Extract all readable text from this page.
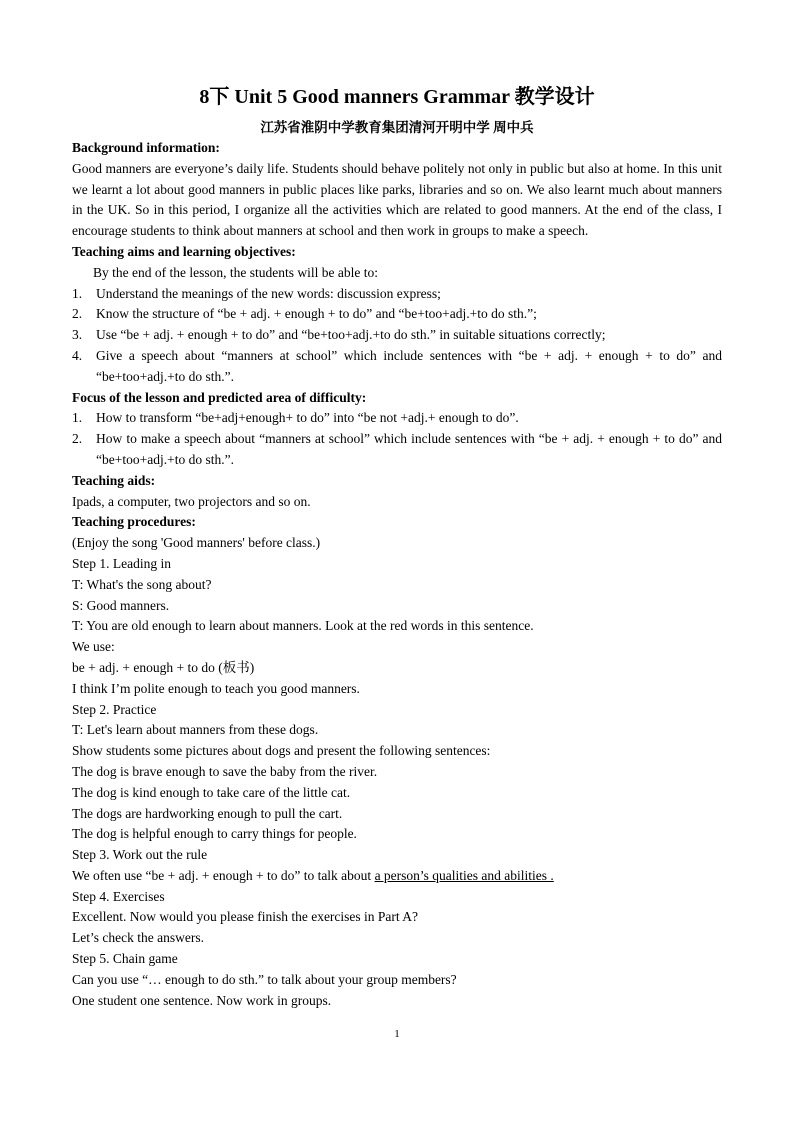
8下 Unit 5 Good manners Grammar 教学设计

江苏省淮阴中学教育集团清河开明中学 周中兵

Background information:

Good manners are everyone’s daily life. Students should behave politely not only in public but also at home. In this unit we learnt a lot about good manners in public places like parks, libraries and so on. We also learnt much about manners in the UK. So in this period, I organize all the activities which are related to good manners. At the end of the class, I encourage students to think about manners at school and then work in groups to make a speech.

Teaching aims and learning objectives:

By the end of the lesson, the students will be able to:

1. Understand the meanings of the new words: discussion express;
2. Know the structure of “be + adj. + enough + to do” and “be+too+adj.+to do sth.”;
3. Use “be + adj. + enough + to do” and “be+too+adj.+to do sth.” in suitable situations correctly;
4. Give a speech about “manners at school” which include sentences with “be + adj. + enough + to do” and “be+too+adj.+to do sth.”.

Focus of the lesson and predicted area of difficulty:

1. How to transform “be+adj+enough+ to do” into “be not +adj.+ enough to do”.
2. How to make a speech about “manners at school” which include sentences with “be + adj. + enough + to do” and “be+too+adj.+to do sth.”.

Teaching aids:

Ipads, a computer, two projectors and so on.

Teaching procedures:

(Enjoy the song 'Good manners' before class.)

Step 1. Leading in

T: What's the song about?

S: Good manners.

T: You are old enough to learn about manners. Look at the red words in this sentence.

We use:

be + adj. + enough + to do (板书)

I think I’m polite enough to teach you good manners.

Step 2. Practice

T: Let's learn about manners from these dogs.

Show students some pictures about dogs and present the following sentences:

The dog is brave enough to save the baby from the river.

The dog is kind enough to take care of the little cat.

The dogs are hardworking enough to pull the cart.

The dog is helpful enough to carry things for people.

Step 3. Work out the rule

We often use “be + adj. + enough + to do” to talk about a person’s qualities and abilities .

Step 4. Exercises

Excellent. Now would you please finish the exercises in Part A?

Let’s check the answers.

Step 5. Chain game

Can you use “… enough to do sth.” to talk about your group members?

One student one sentence. Now work in groups.

1
